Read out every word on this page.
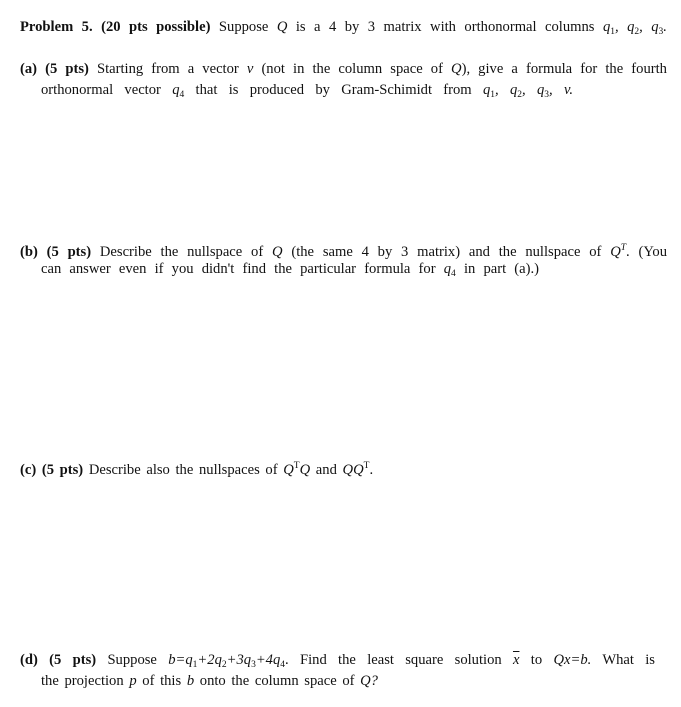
Problem 5. (20 pts possible) Suppose Q is a 4 by 3 matrix with orthonormal columns $q_1$, $q_2$, $q_3$.
(a) (5 pts) Starting from a vector v (not in the column space of Q), give a formula for the fourth
orthonormal vector $q_4$ that is produced by Gram-Schimidt from $q_1$, $q_2$, $q_3$, v.
(b) (5 pts) Describe the nullspace of Q (the same 4 by 3 matrix) and the nullspace of $Q^T$. (You
can answer even if you didn't find the particular formula for $q_4$ in part (a).)
(c) (5 pts) Describe also the nullspaces of $Q^TQ$ and $QQ^T$.
(d) (5 pts) Suppose $b=q_1+2q_2+3q_3+4q_4$. Find the least square solution $\overline{x}$ to Qx=b. What is
the projection p of this b onto the column space of Q?
